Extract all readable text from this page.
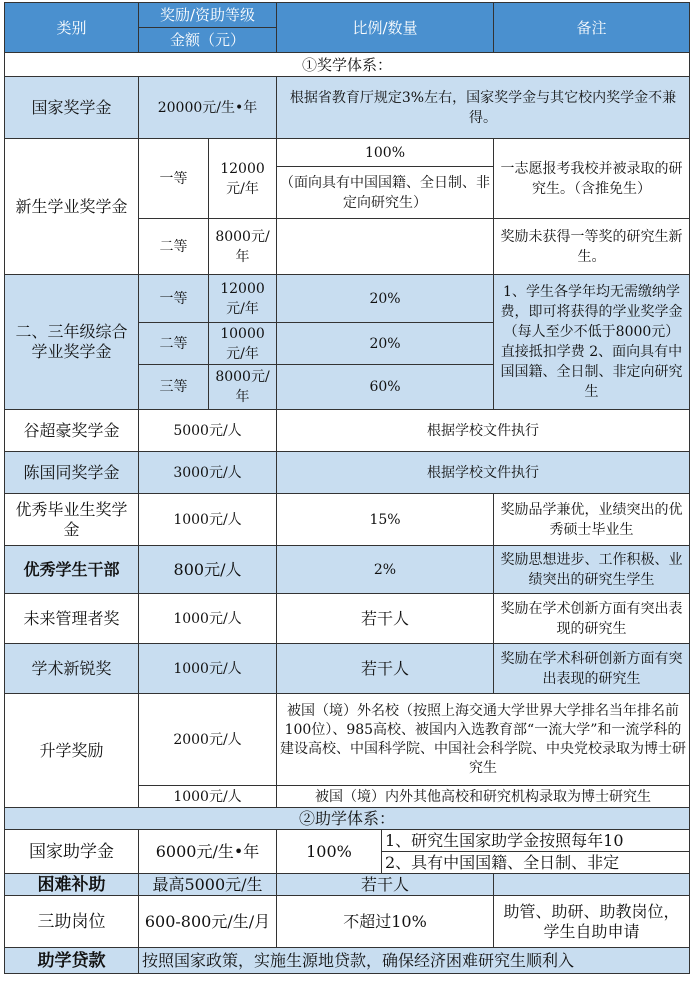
类别	奖励/资助等级		比例/数量		备注
	金额（元）				
①奖学体系：					
国家奖学金	20000元/生•年		根据省教育厅规定3%左右，国家奖学金与其它校内奖学金不兼得。		
新生学业奖学金	一等	12000元/年	100%		一志愿报考我校并被录取的研究生。（含推免生）
			（面向具有中国国籍、全日制、非定向研究生）		
	二等	8000元/年			奖励未获得一等奖的研究生新生。
二、三年级综合学业奖学金	一等	12000元/年	20%		1、学生各学年均无需缴纳学费，即可将获得的学业奖学金（每人至少不低于8000元）直接抵扣学费 2、面向具有中国国籍、全日制、非定向研究生
	二等	10000元/年	20%		
	三等	8000元/年	60%		
谷超豪奖学金	5000元/人		根据学校文件执行		
陈国同奖学金	3000元/人		根据学校文件执行		
优秀毕业生奖学金	1000元/人		15%		奖励品学兼优，业绩突出的优秀硕士毕业生
优秀学生干部	800元/人		2%		奖励思想进步、工作积极、业绩突出的研究生学生
未来管理者奖	1000元/人		若干人		奖励在学术创新方面有突出表现的研究生
学术新锐奖	1000元/人		若干人		奖励在学术科研创新方面有突出表现的研究生
升学奖励	2000元/人		被国（境）外名校（按照上海交通大学世界大学排名当年排名前100位）、985高校、被国内入选教育部“一流大学”和一流学科的建设高校、中国科学院、中国社会科学院、中央党校录取为博士研究生		
	1000元/人		被国（境）内外其他高校和研究机构录取为博士研究生		
②助学体系：					
国家助学金	6000元/生•年		100%	1、研究生国家助学金按照每年10	
				2、具有中国国籍、全日制、非定	
困难补助	最高5000元/生		若干人		
三助岗位	600-800元/生/月		不超过10%		助管、助研、助教岗位，学生自助申请
助学贷款	按照国家政策，实施生源地贷款，确保经济困难研究生顺利入				
